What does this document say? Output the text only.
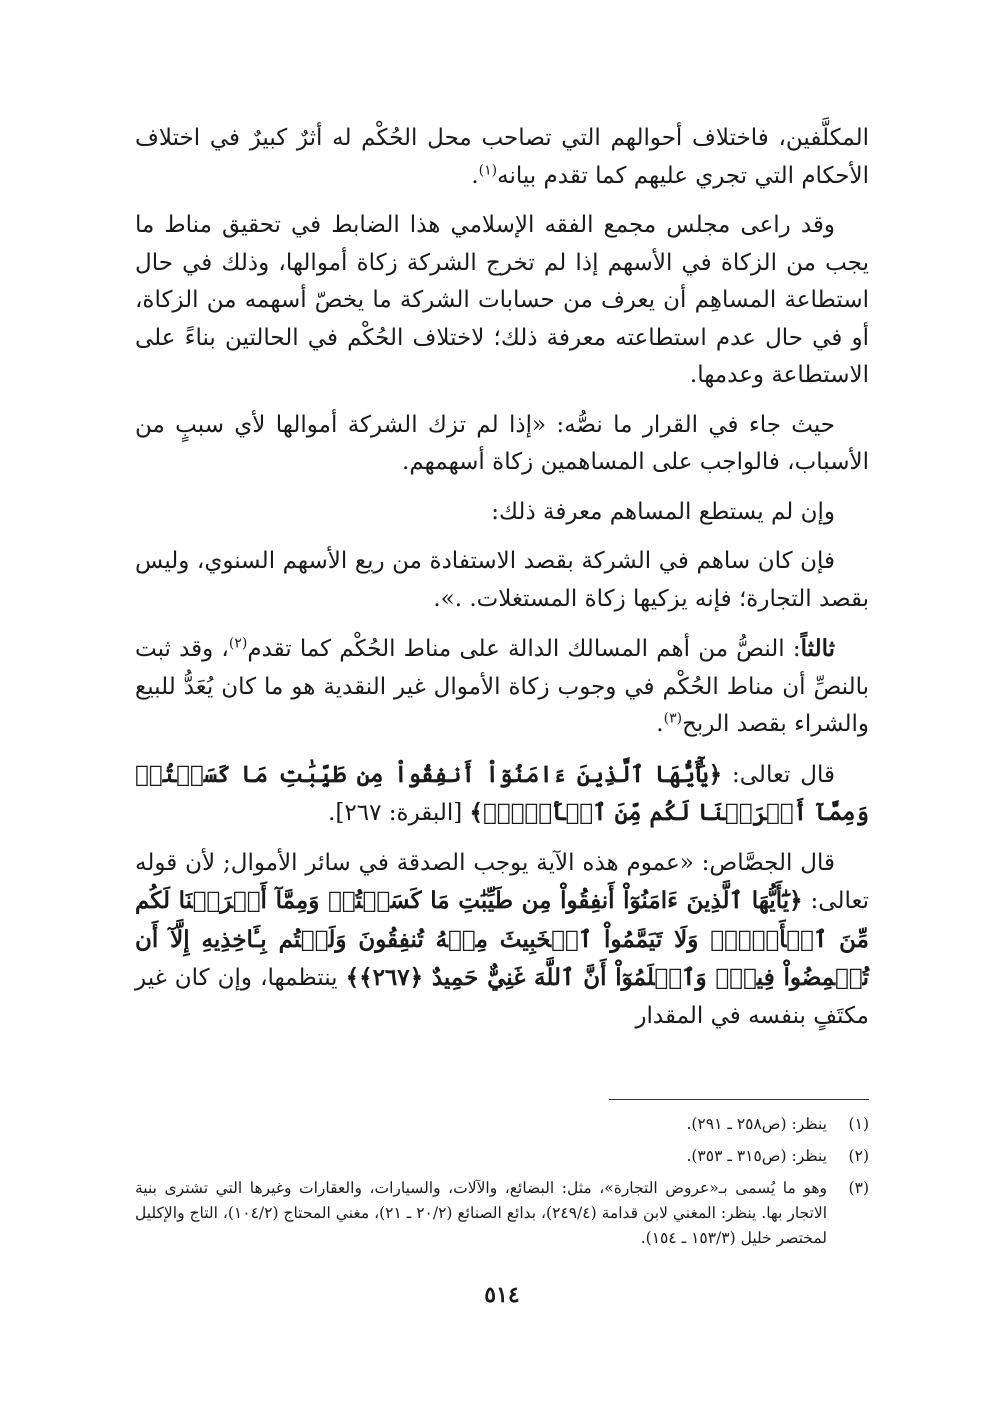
المكلَّفين، فاختلاف أحوالهم التي تصاحب محل الحُكْم له أثرٌ كبيرٌ في اختلاف الأحكام التي تجري عليهم كما تقدم بيانه$^{(١)}$.

وقد راعى مجلس مجمع الفقه الإسلامي هذا الضابط في تحقيق مناط ما يجب من الزكاة في الأسهم إذا لم تخرج الشركة زكاة أموالها، وذلك في حال استطاعة المساهِم أن يعرف من حسابات الشركة ما يخصّ أسهمه من الزكاة، أو في حال عدم استطاعته معرفة ذلك؛ لاختلاف الحُكْم في الحالتين بناءً على الاستطاعة وعدمها.

حيث جاء في القرار ما نصُّه: «إذا لم تزك الشركة أموالها لأي سببٍ من الأسباب، فالواجب على المساهمين زكاة أسهمهم.

وإن لم يستطع المساهم معرفة ذلك:

فإن كان ساهم في الشركة بقصد الاستفادة من ريع الأسهم السنوي، وليس بقصد التجارة؛ فإنه يزكيها زكاة المستغلات. .».

ثالثاً: النصُّ من أهم المسالك الدالة على مناط الحُكْم كما تقدم$^{(٢)}$، وقد ثبت بالنصِّ أن مناط الحُكْم في وجوب زكاة الأموال غير النقدية هو ما كان يُعَدُّ للبيع والشراء بقصد الربح$^{(٣)}$.

قال تعالى: ﴿يَٰٓأَيُّهَا ٱلَّذِينَ ءَامَنُوٓاْ أَنفِقُواْ مِن طَيِّبَٰتِ مَا كَسَبۡتُمۡ وَمِمَّآ أَخۡرَجۡنَا لَكُم مِّنَ ٱلۡأَرۡضِۖ﴾ [البقرة: ٢٦٧].

قال الجصَّاص: «عموم هذه الآية يوجب الصدقة في سائر الأموال; لأن قوله تعالى: ﴿يَٰٓأَيُّهَا ٱلَّذِينَ ءَامَنُوٓاْ أَنفِقُواْ مِن طَيِّبَٰتِ مَا كَسَبۡتُمۡ وَمِمَّآ أَخۡرَجۡنَا لَكُم مِّنَ ٱلۡأَرۡضِۖ وَلَا تَيَمَّمُواْ ٱلۡخَبِيثَ مِنۡهُ تُنفِقُونَ وَلَسۡتُم بِـَٔاخِذِيهِ إِلَّآ أَن تُغۡمِضُواْ فِيهِۚ وَٱعۡلَمُوٓاْ أَنَّ ٱللَّهَ غَنِيٌّ حَمِيدٌ ﴿٢٦٧﴾﴾ ينتظمها، وإن كان غير مكتَفٍ بنفسه في المقدار

(١)
ينظر: (ص٢٥٨ ـ ٢٩١).
(٢)
ينظر: (ص٣١٥ ـ ٣٥٣).
(٣)
وهو ما يُسمى بـ«عروض التجارة»، مثل: البضائع، والآلات، والسيارات، والعقارات وغيرها التي تشترى بنية الاتجار بها. ينظر: المغني لابن قدامة (٢٤٩/٤)، بدائع الصنائع (٢٠/٢ ـ ٢١)، مغني المحتاج (١٠٤/٢)، التاج والإكليل لمختصر خليل (١٥٣/٣ ـ ١٥٤).
٥١٤
